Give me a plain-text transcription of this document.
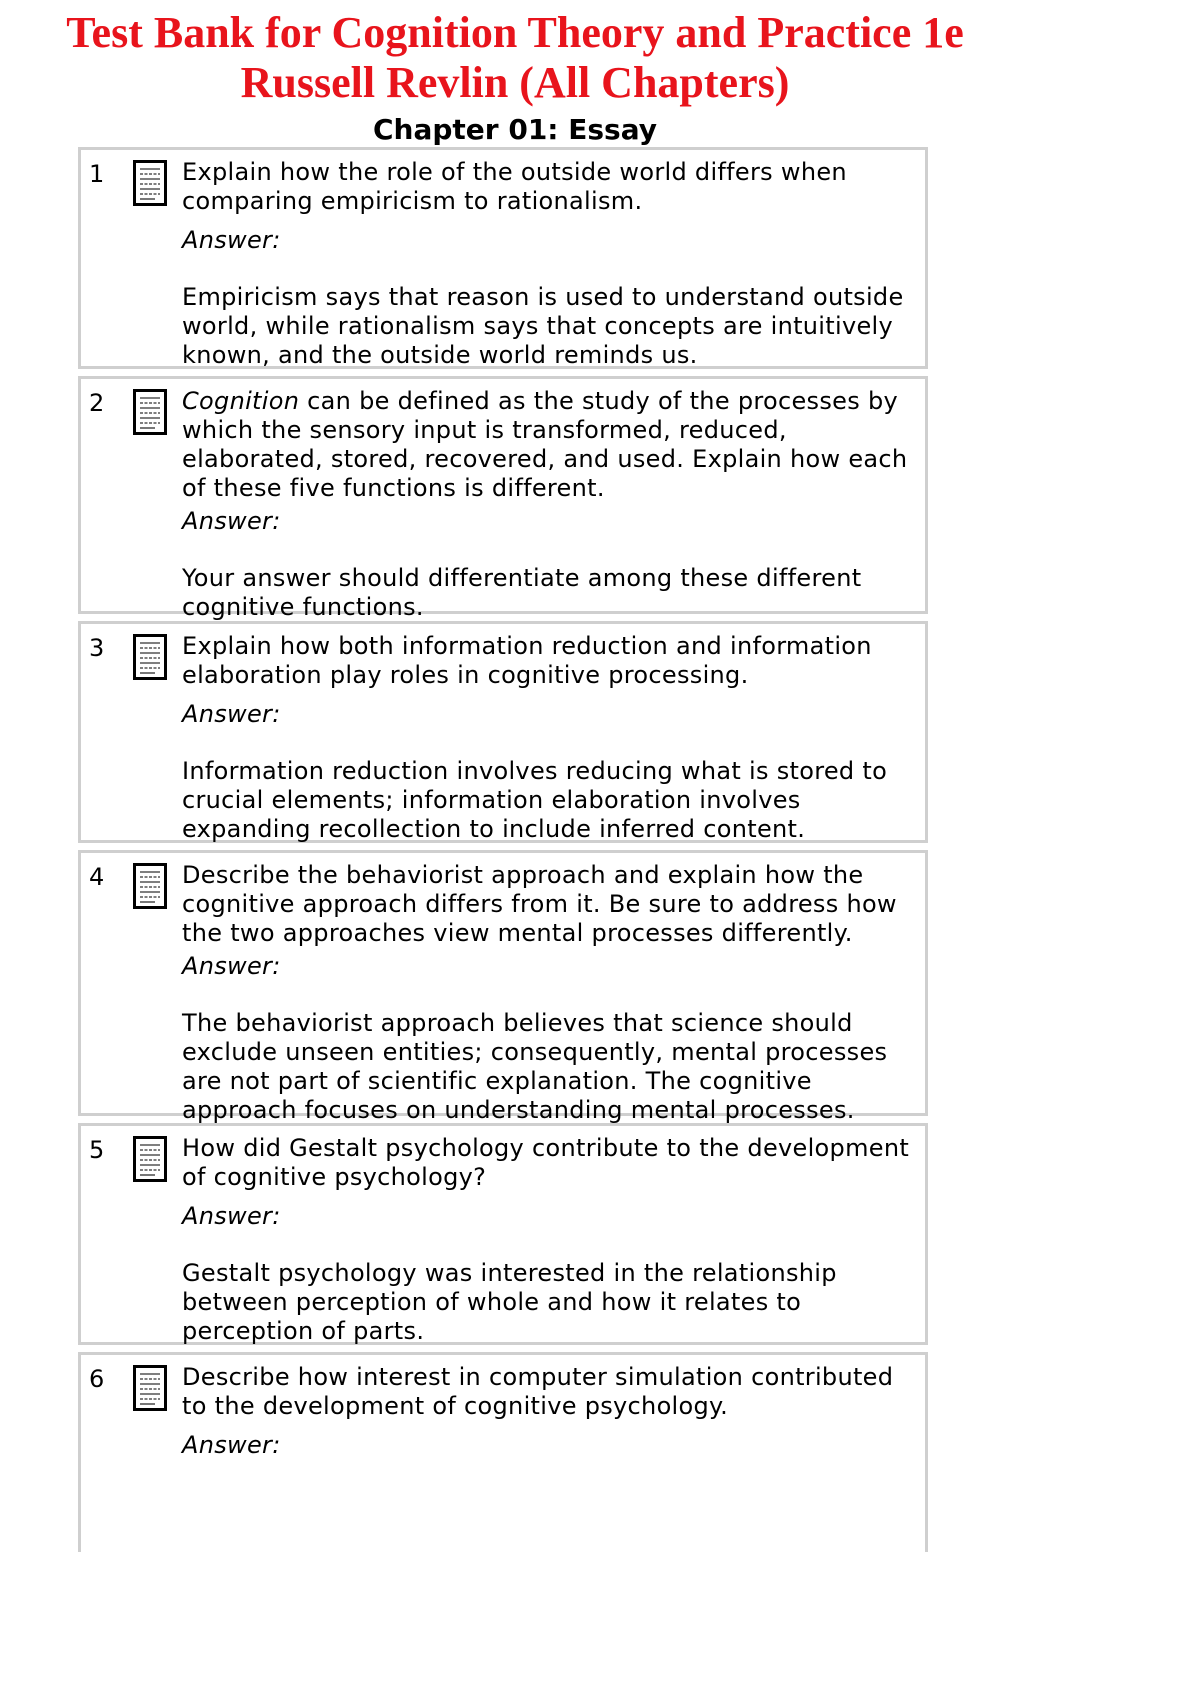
Test Bank for Cognition Theory and Practice 1e
Russell Revlin (All Chapters)
Chapter 01: Essay
1	Explain how the role of the outside world differs when comparing empiricism to rationalism.

Answer:

Empiricism says that reason is used to understand outside world, while rationalism says that concepts are intuitively known, and the outside world reminds us.

2	Cognition can be defined as the study of the processes by which the sensory input is transformed, reduced, elaborated, stored, recovered, and used. Explain how each of these five functions is different.

Answer:

Your answer should differentiate among these different cognitive functions.

3	Explain how both information reduction and information elaboration play roles in cognitive processing.

Answer:

Information reduction involves reducing what is stored to crucial elements; information elaboration involves expanding recollection to include inferred content.

4	Describe the behaviorist approach and explain how the cognitive approach differs from it. Be sure to address how the two approaches view mental processes differently.

Answer:

The behaviorist approach believes that science should exclude unseen entities; consequently, mental processes are not part of scientific explanation. The cognitive approach focuses on understanding mental processes.

5	How did Gestalt psychology contribute to the development of cognitive psychology?

Answer:

Gestalt psychology was interested in the relationship between perception of whole and how it relates to perception of parts.

6	Describe how interest in computer simulation contributed to the development of cognitive psychology.

Answer:
